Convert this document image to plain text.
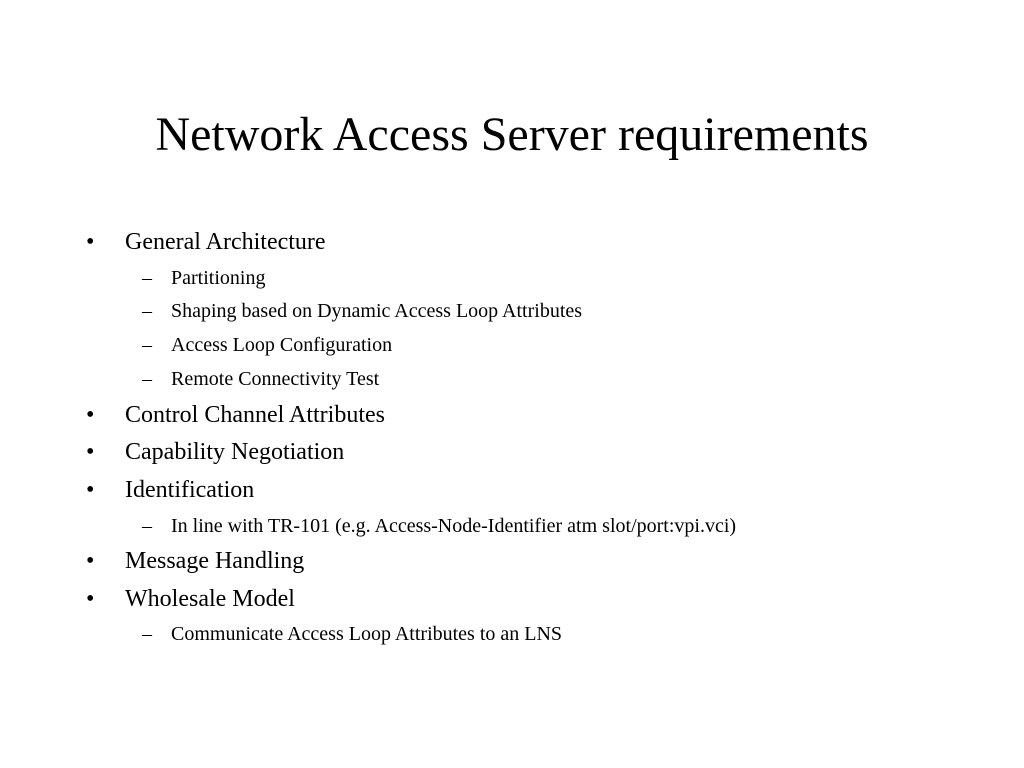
Network Access Server requirements
• General Architecture
– Partitioning
– Shaping based on Dynamic Access Loop Attributes
– Access Loop Configuration
– Remote Connectivity Test
• Control Channel Attributes
• Capability Negotiation
• Identification
– In line with TR-101 (e.g. Access-Node-Identifier atm slot/port:vpi.vci)
• Message Handling
• Wholesale Model
– Communicate Access Loop Attributes to an LNS
